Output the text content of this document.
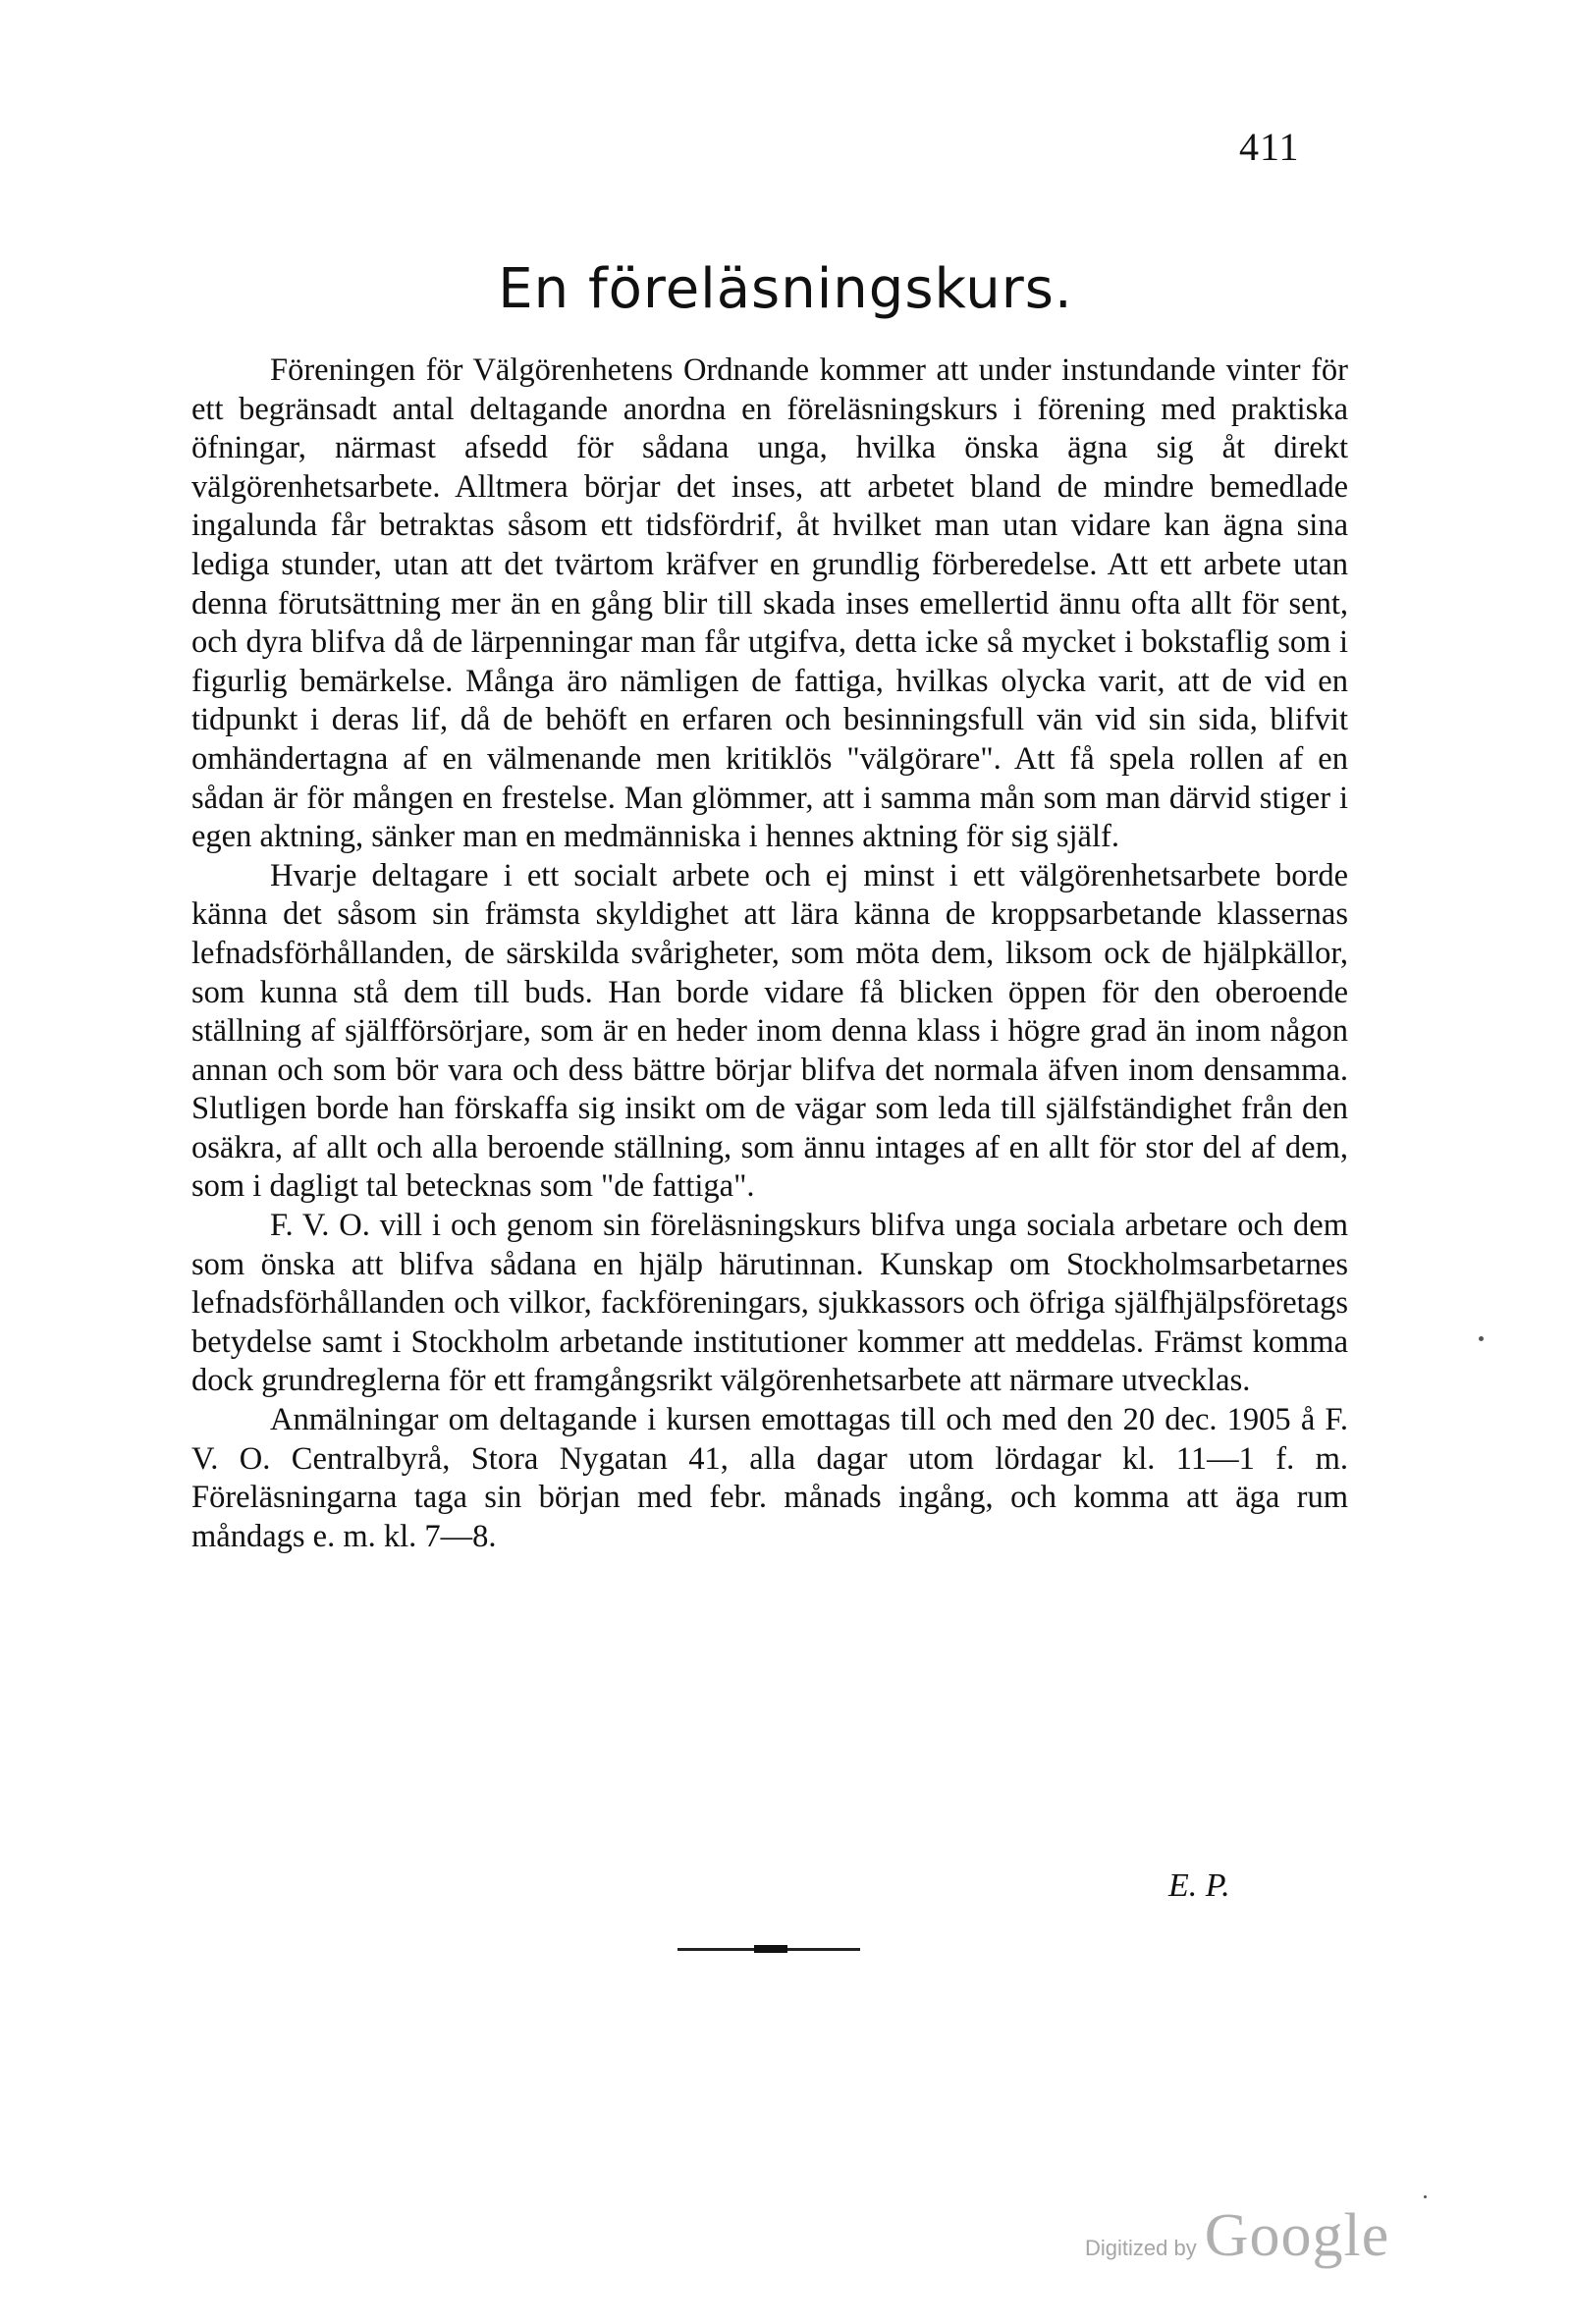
411
En föreläsningskurs.

Föreningen för Välgörenhetens Ordnande kommer att under instundande vinter för ett begränsadt antal deltagande anordna en föreläsningskurs i förening med praktiska öfningar, närmast afsedd för sådana unga, hvilka önska ägna sig åt direkt välgörenhetsarbete. Alltmera börjar det inses, att arbetet bland de mindre bemedlade ingalunda får betraktas såsom ett tidsfördrif, åt hvilket man utan vidare kan ägna sina lediga stunder, utan att det tvärtom kräfver en grundlig förberedelse. Att ett arbete utan denna förutsättning mer än en gång blir till skada inses emellertid ännu ofta allt för sent, och dyra blifva då de lärpenningar man får utgifva, detta icke så mycket i bokstaflig som i figurlig bemärkelse. Många äro nämligen de fattiga, hvilkas olycka varit, att de vid en tidpunkt i deras lif, då de behöft en erfaren och besinningsfull vän vid sin sida, blifvit omhändertagna af en välmenande men kritiklös "välgörare". Att få spela rollen af en sådan är för mången en frestelse. Man glömmer, att i samma mån som man därvid stiger i egen aktning, sänker man en medmänniska i hennes aktning för sig själf.

Hvarje deltagare i ett socialt arbete och ej minst i ett välgörenhetsarbete borde känna det såsom sin främsta skyldighet att lära känna de kroppsarbetande klassernas lefnadsförhållanden, de särskilda svårigheter, som möta dem, liksom ock de hjälpkällor, som kunna stå dem till buds. Han borde vidare få blicken öppen för den oberoende ställning af själfförsörjare, som är en heder inom denna klass i högre grad än inom någon annan och som bör vara och dess bättre börjar blifva det normala äfven inom densamma. Slutligen borde han förskaffa sig insikt om de vägar som leda till själfständighet från den osäkra, af allt och alla beroende ställning, som ännu intages af en allt för stor del af dem, som i dagligt tal betecknas som "de fattiga".

F. V. O. vill i och genom sin föreläsningskurs blifva unga sociala arbetare och dem som önska att blifva sådana en hjälp härutinnan. Kunskap om Stockholmsarbetarnes lefnadsförhållanden och vilkor, fackföreningars, sjukkassors och öfriga själfhjälpsföretags betydelse samt i Stockholm arbetande institutioner kommer att meddelas. Främst komma dock grundreglerna för ett framgångsrikt välgörenhetsarbete att närmare utvecklas.

Anmälningar om deltagande i kursen emottagas till och med den 20 dec. 1905 å F. V. O. Centralbyrå, Stora Nygatan 41, alla dagar utom lördagar kl. 11—1 f. m. Föreläsningarna taga sin början med febr. månads ingång, och komma att äga rum måndags e. m. kl. 7—8.

E. P.
Digitized by Google
